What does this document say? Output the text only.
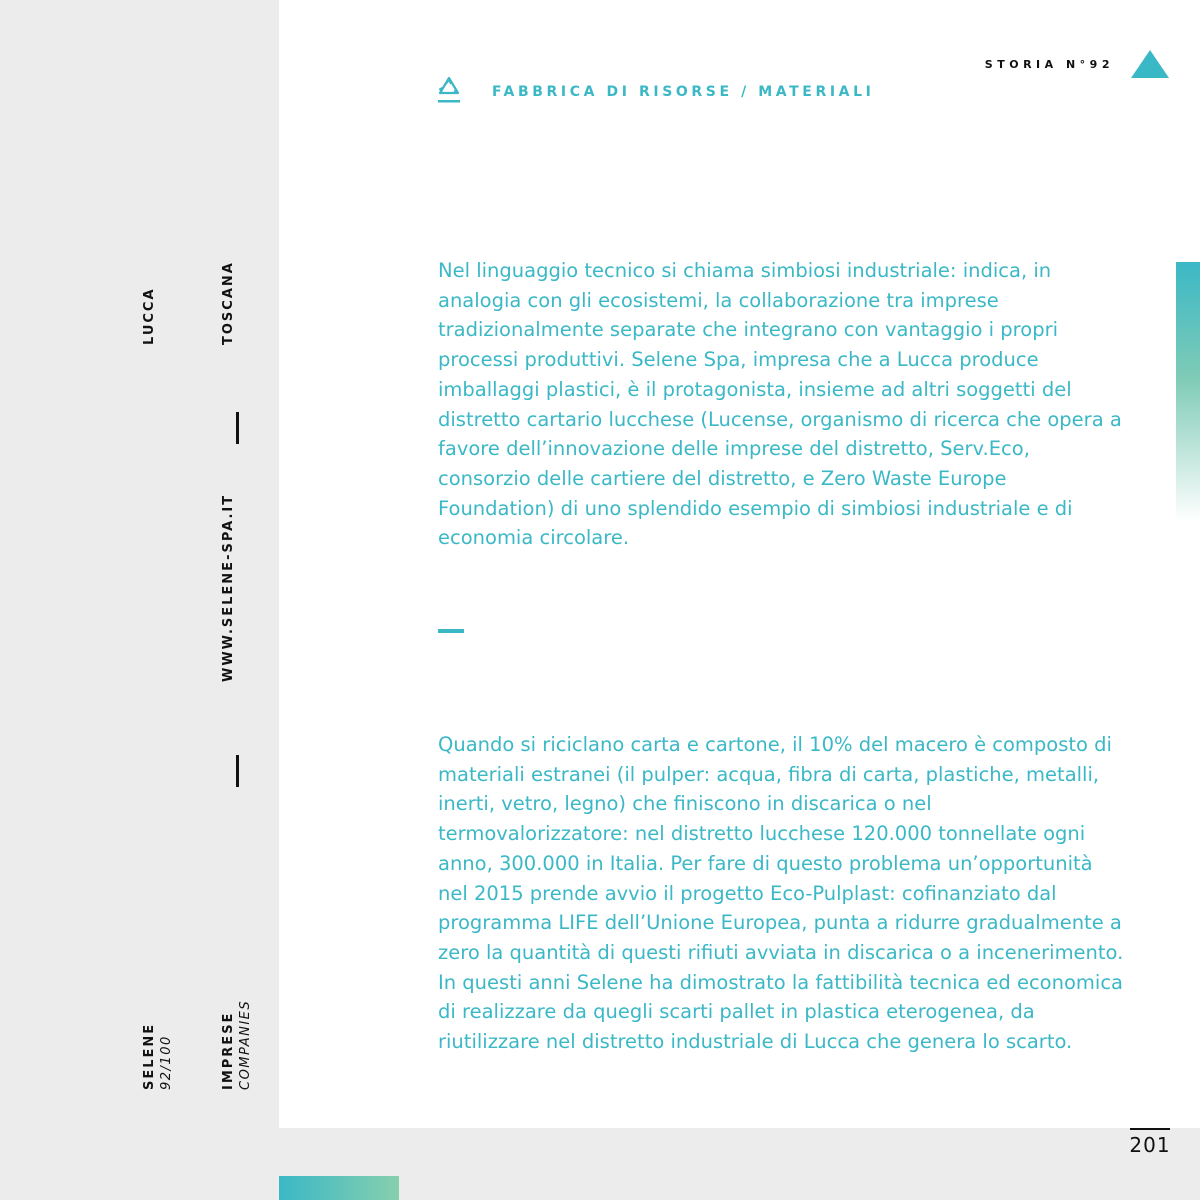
LUCCA	TOSCANA
WWW.SELENE-SPA.IT
SELENE 92/100	IMPRESE COMPANIES
FABBRICA DI RISORSE / MATERIALI
STORIA N°92

Nel linguaggio tecnico si chiama simbiosi industriale: indica, in analogia con gli ecosistemi, la collaborazione tra imprese tradizionalmente separate che integrano con vantaggio i propri processi produttivi. Selene Spa, impresa che a Lucca produce imballaggi plastici, è il protagonista, insieme ad altri soggetti del distretto cartario lucchese (Lucense, organismo di ricerca che opera a favore dell’innovazione delle imprese del distretto, Serv.Eco, consorzio delle cartiere del distretto, e Zero Waste Europe Foundation) di uno splendido esempio di simbiosi industriale e di economia circolare.

Quando si riciclano carta e cartone, il 10% del macero è composto di materiali estranei (il pulper: acqua, fibra di carta, plastiche, metalli, inerti, vetro, legno) che finiscono in discarica o nel termovalorizzatore: nel distretto lucchese 120.000 tonnellate ogni anno, 300.000 in Italia. Per fare di questo problema un’opportunità nel 2015 prende avvio il progetto Eco-Pulplast: cofinanziato dal programma LIFE dell’Unione Europea, punta a ridurre gradualmente a zero la quantità di questi rifiuti avviata in discarica o a incenerimento. In questi anni Selene ha dimostrato la fattibilità tecnica ed economica di realizzare da quegli scarti pallet in plastica eterogenea, da riutilizzare nel distretto industriale di Lucca che genera lo scarto.

201
